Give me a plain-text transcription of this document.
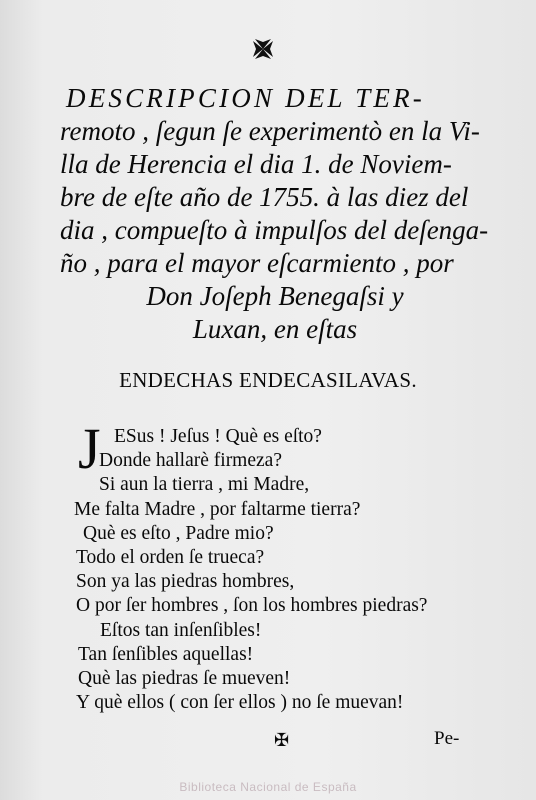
DESCRIPCION DEL TER-
remoto , ſegun ſe experimentò en la Vi-
lla de Herencia el dia 1. de Noviem-
bre de eſte año de 1755. à las diez del
dia , compueſto à impulſos del deſenga-
ño , para el mayor eſcarmiento , por
Don Joſeph Benegaſsi y
Luxan, en eſtas
ENDECHAS ENDECASILAVAS.
J ESus ! Jeſus ! Què es eſto?
Donde hallarè firmeza?
Si aun la tierra , mi Madre,
Me falta Madre , por faltarme tierra?
Què es eſto , Padre mio?
Todo el orden ſe trueca?
Son ya las piedras hombres,
O por ſer hombres , ſon los hombres piedras?
Eſtos tan inſenſibles!
Tan ſenſibles aquellas!
Què las piedras ſe mueven!
Y què ellos ( con ſer ellos ) no ſe muevan!
✠	Pe-
Biblioteca Nacional de España
